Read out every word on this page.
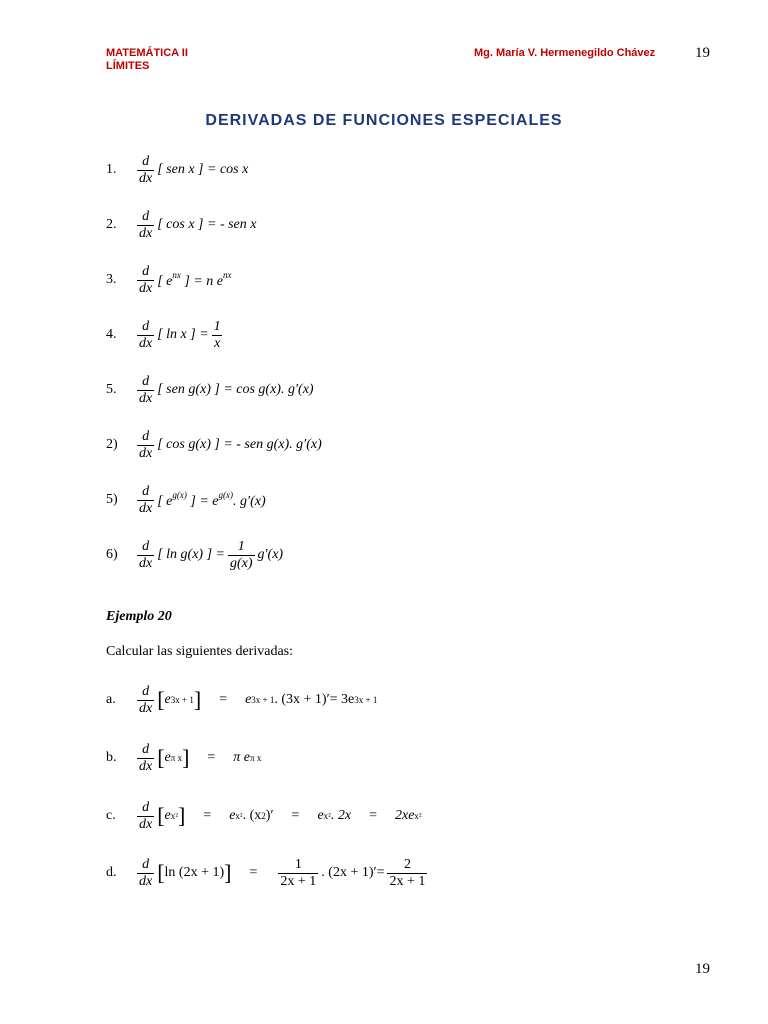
MATEMÁTICA II
LÍMITES
Mg. María V. Hermenegildo Chávez	19
DERIVADAS DE FUNCIONES ESPECIALES
1.	$\frac{d}{dx}$ [ sen x ] = cos x
2.	$\frac{d}{dx}$ [ cos x ] = - sen x
3.	$\frac{d}{dx}$ [ $e^{nx}$ ] = n $e^{nx}$
4.	$\frac{d}{dx}$ [ ln x ] = $\frac{1}{x}$
5.	$\frac{d}{dx}$ [ sen g(x) ] = cos g(x). g′(x)
2)	$\frac{d}{dx}$ [ cos g(x) ] = - sen g(x). g′(x)
5)	$\frac{d}{dx}$ [ $e^{g(x)}$ ] = $e^{g(x)}$. g′(x)
6)	$\frac{d}{dx}$ [ ln g(x) ] = $\frac{1}{g(x)} g'(x)$
Ejemplo 20
Calcular las siguientes derivadas:
a.	$\frac{d}{dx}$ [ e 3x + 1 ] = e 3x + 1 . (3x + 1)′= 3e 3x + 1
b.	$\frac{d}{dx}$ [ e π x ] = π e π x
c.	$\frac{d}{dx}$ [ e x² ] = e x² . (x 2 )′ = e x² . 2x = 2xe x²
d.	$\frac{d}{dx}$ [ ln (2x + 1) ] = $\frac{1}{2x + 1}$ . $(2x + 1)'= \frac{2}{2x + 1}$
19
